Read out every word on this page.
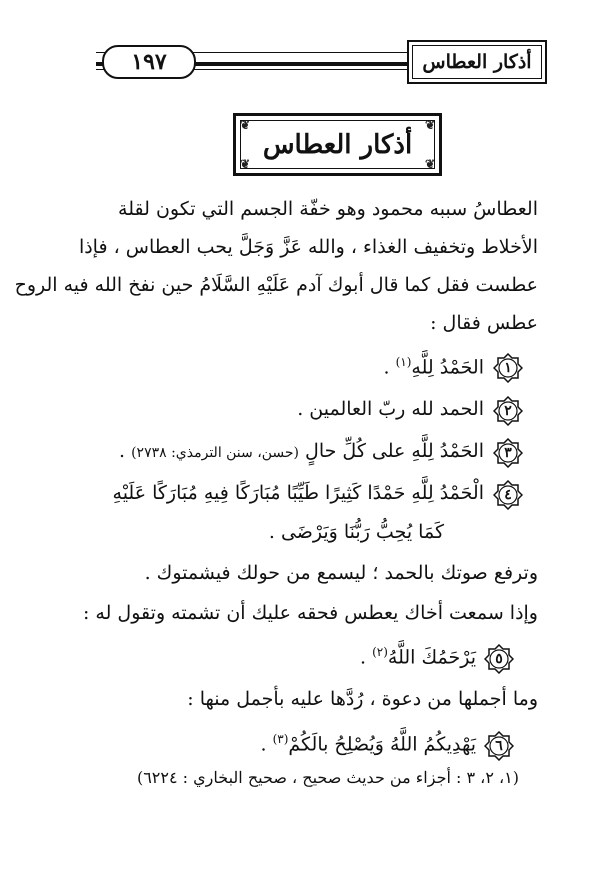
١٩٧	أذكار العطاس
❦	❦
❦	❦
أذكار العطاس
العطاسُ سببه محمود وهو خفّة الجسم التي تكون لقلة
الأخلاط وتخفيف الغذاء ، والله عَزَّ وَجَلَّ يحب العطاس ، فإذا
عطست فقل كما قال أبوك آدم عَلَيْهِ السَّلَامُ حين نفخ الله فيه الروح
عطس فقال :
١
الحَمْدُ لِلَّهِ$^{(١)}$ .
٢
الحمد لله ربّ العالمين .
٣
الحَمْدُ لِلَّهِ على كُلِّ حالٍ (حسن، سنن الترمذي: ٢٧٣٨) .
٤
الْحَمْدُ لِلَّهِ حَمْدًا كَثِيرًا طَيِّبًا مُبَارَكًا فِيهِ مُبَارَكًا عَلَيْهِ
كَمَا يُحِبُّ رَبُّنَا وَيَرْضَى .
وترفع صوتك بالحمد ؛ ليسمع من حولك فيشمتوك .
وإذا سمعت أخاك يعطس فحقه عليك أن تشمته وتقول له :
٥
يَرْحَمُكَ اللَّهُ$^{(٢)}$ .
وما أجملها من دعوة ، رُدَّها عليه بأجمل منها :
٦
يَهْدِيكُمُ اللَّهُ وَيُصْلِحُ بالَكُمْ$^{(٣)}$ .
(١، ٢، ٣ : أجزاء من حديث صحيح ، صحيح البخاري : ٦٢٢٤)
